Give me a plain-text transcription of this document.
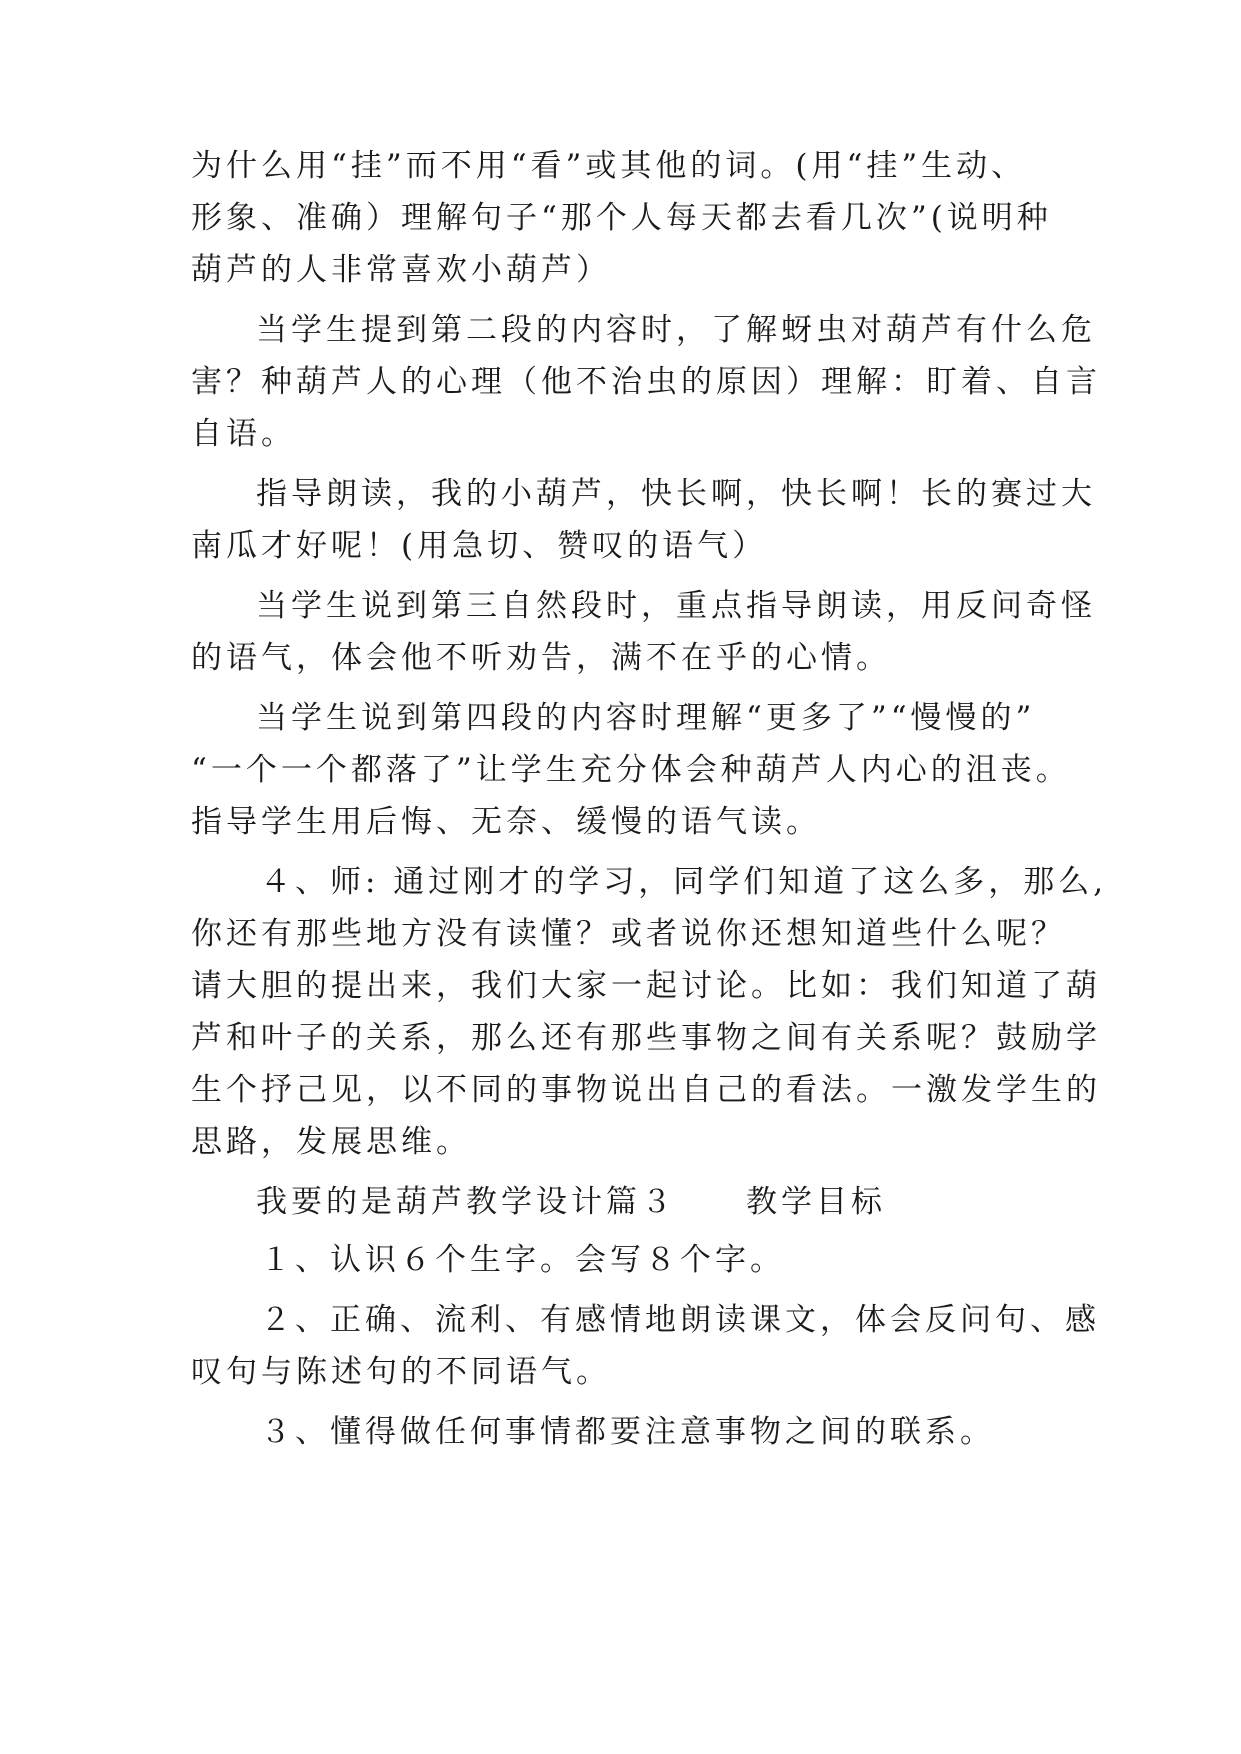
为什么用“挂”而不用“看”或其他的词。(用“挂”生动、
形象、准确）理解句子“那个人每天都去看几次”(说明种
葫芦的人非常喜欢小葫芦）
当学生提到第二段的内容时，了解蚜虫对葫芦有什么危
害？种葫芦人的心理（他不治虫的原因）理解：盯着、自言
自语。
指导朗读，我的小葫芦，快长啊，快长啊！长的赛过大
南瓜才好呢！(用急切、赞叹的语气）
当学生说到第三自然段时，重点指导朗读，用反问奇怪
的语气，体会他不听劝告，满不在乎的心情。
当学生说到第四段的内容时理解“更多了”“慢慢的”
“一个一个都落了”让学生充分体会种葫芦人内心的沮丧。
指导学生用后悔、无奈、缓慢的语气读。
４、师: 通过刚才的学习，同学们知道了这么多，那么,
你还有那些地方没有读懂？或者说你还想知道些什么呢？
请大胆的提出来，我们大家一起讨论。比如：我们知道了葫
芦和叶子的关系，那么还有那些事物之间有关系呢？鼓励学
生个抒己见，以不同的事物说出自己的看法。一激发学生的
思路，发展思维。
我要的是葫芦教学设计篇３　　教学目标
１、认识６个生字。会写８个字。
２、正确、流利、有感情地朗读课文，体会反问句、感
叹句与陈述句的不同语气。
３、懂得做任何事情都要注意事物之间的联系。
